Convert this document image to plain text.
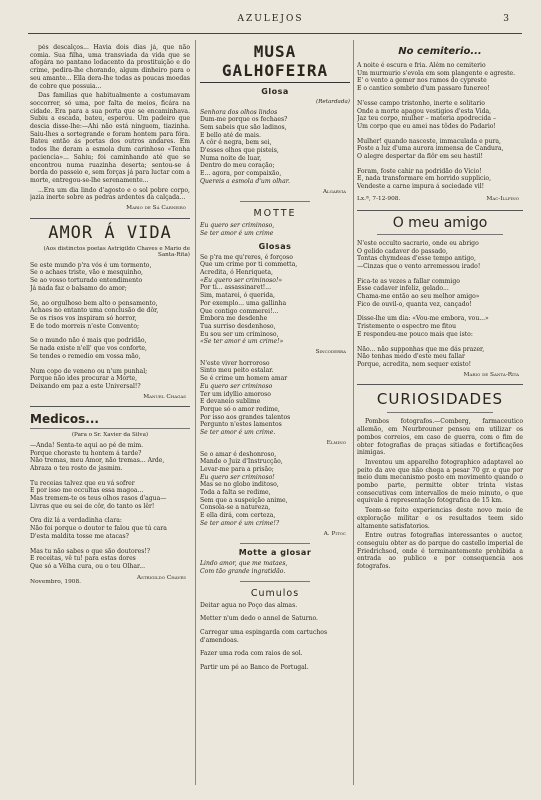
AZULEJOS	3

pés descalços... Havia dois dias já, que não comia. Sua filha, uma transviada da vida que se afogára no pantano lodacento da prostituição e do crime, pedira-lhe chorando, algum dinheiro para o seu amante... Ella dera-lhe todas as poucas moedas de cobre que possuia...

Das familias que habitualmente a costumavam soccorrer, só uma, por falta de meios, ficára na cidade. Era para a sua porta que se encaminhava. Subiu a escada, bateu, esperou. Um padeiro que descia disse-lhe:—Ahi não está ninguem, tiazinha. Saiu-lhes a sortegrande e foram hontem para fóra. Bateu então ás portas dos outros andares. Em todos lhe deram a esmola dum carinhoso «Tenha paciencia»... Sahiu; foi caminhando até que se encontrou numa ruazinha deserta; sentou-se á borda do passeio e, sem forças já para luctar com a morte, entregou-se-lhe serenamente...

...Era um dia lindo d'agosto e o sol pobre corpo, jazia inerte sobre as pedras ardentes da calçada...

Mario de Sá Carneiro
AMOR Á VIDA
(Aos distinctos poetas Astrigildo Chaves e Mario de Santa-Rita)

Se este mundo p'ra vós é um tormento,

Se o achaes triste, vão e mesquinho,

Se ao vosso torturado entendimento

Já nada faz o balsamo do amor;

Se, ao orgulhoso bem alto o pensamento,

Achaes no entanto uma conclusão de dôr,

Se os risos vos inspiram só horror,

E de todo morreis n'este Convento;

Se o mundo não é mais que podridão,

Se nada existe n'ell' que vos conforte,

Se tendes o remedio em vossa mão,

Num copo de veneno ou n'um punhal;

Porque não ides procurar a Morte,

Deixando em paz a este Universal!?

Manuel Chagas
Medicos...
(Para o Sr. Xavier da Silva)

—Anda! Senta-te aqui ao pé de mim.

Porque choraste tu hontem á tarde?

Não tremas, meu Amor, não tremas... Arde,

Abraza o teu rosto de jasmim.

Tu receias talvez que eu vá sofrer

E por isso me occultas essa magoa...

Mas tremem-te os teus olhos rasos d'agua—

Livras que eu sei de côr, do tanto os lêr!

Ora diz lá a verdadinha clara:

Não foi porque o doutor te falou que tú cara

D'esta maldita tosse me atacas?

Mas tu não sabes o que são doutores!?

E receitas, vê tu! para estas dores

Que só a Vêlha cura, ou o teu Olhar...

Novembro, 1908.
Astrigildo Chaves
MUSA GALHOFEIRA
Glosa
(Retardada)

Senhora dos olhos lindos

Dum-me porque os fechaes?

Sem sabeis que são ladinos,

E bello até de mais.

A côr é negra, bem sei,

D'esses olhos que pisteis,

Numa noite de luar,

Dentro do meu coração;

E... agora, por compaixão,

Quereis a esmola d'um olhar.

Algarvia
MOTTE

Eu quero ser criminoso,

Se ter amor é um crime

Glosas

Se p'ra me qu'reres, é forçoso

Que um crime por ti commetta,

Acredita, ó Henriqueta,

«Eu quero ser criminoso!»

Por ti... assassinaret!...

Sim, matarei, ó querida,

Por exemplo... uma gallinha

Que contigo commerei!...

Embora me desdenhe

Tua surriso desdenhoso,

Eu sou ser um criminoso,

«Se ter amor é um crime!»

Sincoderra

N'este viver horroroso

Sinto meu peito estalar.

Se é crime um homem amar

Eu quero ser criminoso

Ter um idyllio amoroso

E devaneio sublime

Porque só o amor redime,

Por isso aos grandes talentos

Pergunto n'estes lamentos

Se ter amor é um crime.

Elmino

Se o amar é deshonroso,

Mande o Juiz d'Instrucção,

Levar-me para a prisão;

Eu quero ser criminoso!

Mas se no globo inditoso,

Toda a falta se redime,

Sem que a suspeição anime,

Consola-se a natureza,

E ella dirá, com certeza,

Se ter amor é um crime!?

A. Pitoc
Motte a glosar

Lindo amor, que me mataes,

Com tão grande ingratidão.

Cumulos

Deitar agua no Poço das almas.

Metter n'um dedo o annel de Saturno.

Carregar uma espingarda com cartuchos d'amendoas.

Fazer uma roda com raios de sol.

Partir um pé ao Banco de Portugal.

No cemiterio...

A noite é escura e fria. Além no cemiterio

Um murmurio s'evola em som plangente e agreste.

E' o vento a gemer nos ramos do cypreste

E o cantico sombrio d'um passaro funereo!

N'esse campo tristonho, inerte e solitario

Onde a morte apagou vestigios d'esta Vida,

Jaz teu corpo, mulher – materia apodrecida –

Um corpo que eu amei nas tôdes do Padario!

Mulher! quando nasceste, immaculada e pura,

Foste a luz d'uma aurora immensa de Candura,

O alegre despertar da flôr em seu hastil!

Foram, foste cahir na podridão do Vicio!

E, nada transformare em horrido supplicio,

Vendeste a carne impura á sociedade vil!

Lx.ª, 7-12-908.	Mac-Illfino
O meu amigo

N'este occulto sacrario, onde eu abrigo

O gelido cadaver do passado,

Tontas chymdeas d'esse tempo antigo,

—Cinzas que o vento arremessou irado!

Fica-te as vezes a fallar commigo

Esse cadaver infeliz, gelado...

Chama-me então ao seu melhor amigo»

Fico de ouvil-o, quanta vez, cançado!

Disse-lhe um dia: «Vou-me embora, vou...»

Tristemente o espectro me fitou

E respondeu-me pouco mais que isto:

Não... não supponhas que me dás prazer,

Não tenhas medo d'este meu fallar

Porque, acredita, nem sequer existo!

Mario de Santa-Rita
CURIOSIDADES

Pombos fotografos.—Comberg, farmaceutico allemão, em Neurbrouner pensou em utilizar os pombos correios, em caso de guerra, com o fim de obter fotografias de praças sitiadas e fortificações inimigas.

Inventou um apparelho fotographico adaptavel ao peito da ave que não chega a pesar 70 gr. e que por meio dum mecanismo posto em movimento quando o pombo parte, permitte obter trinta vistas consecutivas com intervallos de meio minuto, o que equivale á representação fotografica de 15 km.

Teem-se feito experiencias deste novo meio de exploração militar e os resultados teem sido altamente satisfatorios.

Entre outras fotografias interessantes o auctor, conseguiu obter as do parque do castello imperial de Friedrichsod, onde é terminantemente prohibida a entrada ao publico e por consequencia aos fotografos.
